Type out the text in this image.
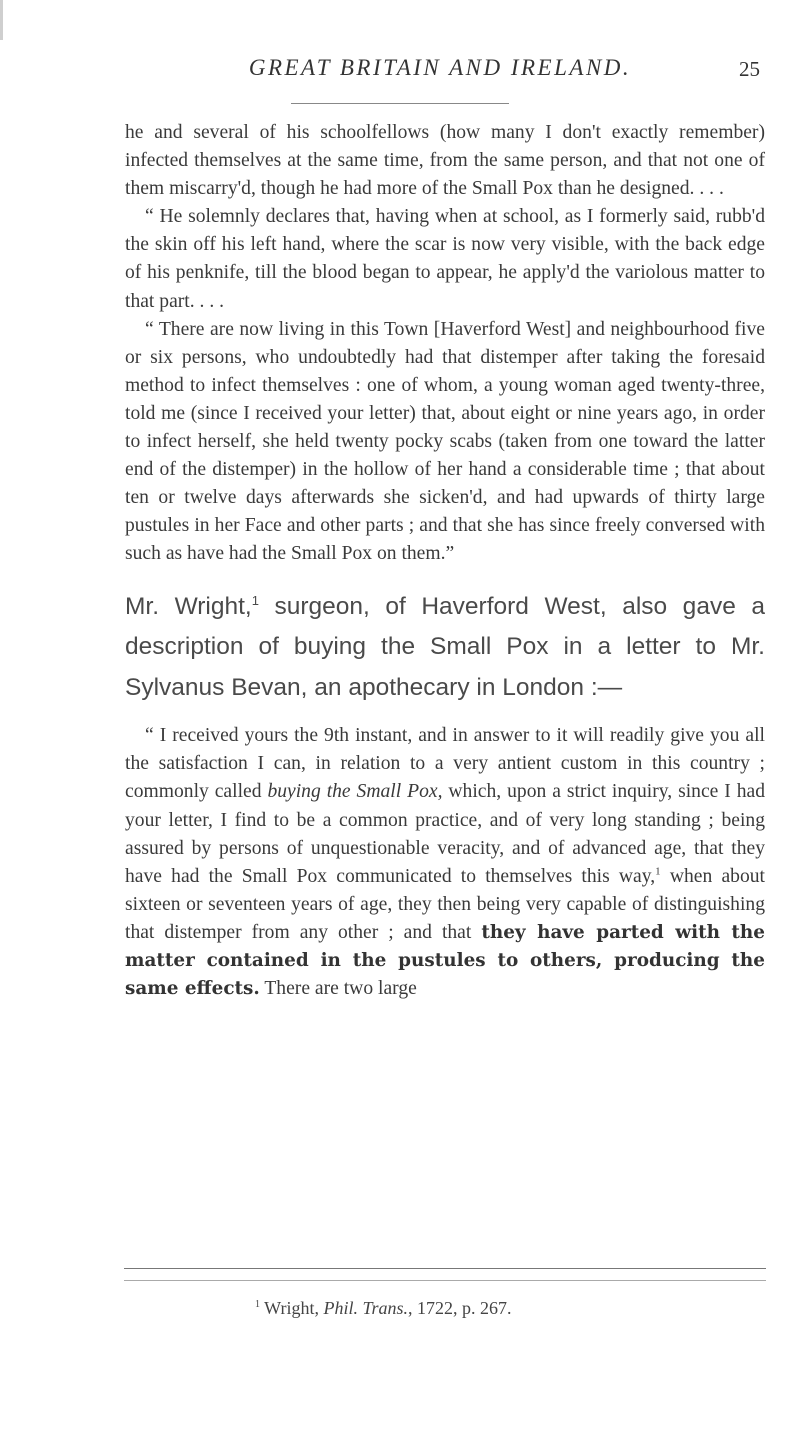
GREAT BRITAIN AND IRELAND.	25

he and several of his schoolfellows (how many I don't exactly remember) infected themselves at the same time, from the same person, and that not one of them miscarry'd, though he had more of the Small Pox than he designed. . . .

“ He solemnly declares that, having when at school, as I formerly said, rubb'd the skin off his left hand, where the scar is now very visible, with the back edge of his penknife, till the blood began to appear, he apply'd the variolous matter to that part. . . .

“ There are now living in this Town [Haverford West] and neighbourhood five or six persons, who undoubtedly had that distemper after taking the foresaid method to infect themselves : one of whom, a young woman aged twenty-three, told me (since I received your letter) that, about eight or nine years ago, in order to infect herself, she held twenty pocky scabs (taken from one toward the latter end of the distemper) in the hollow of her hand a considerable time ; that about ten or twelve days afterwards she sicken'd, and had upwards of thirty large pustules in her Face and other parts ; and that she has since freely conversed with such as have had the Small Pox on them.”

Mr. Wright,$^1$ surgeon, of Haverford West, also gave a description of buying the Small Pox in a letter to Mr. Sylvanus Bevan, an apothecary in London :—

“ I received yours the 9th instant, and in answer to it will readily give you all the satisfaction I can, in relation to a very antient custom in this country ; commonly called buying the Small Pox, which, upon a strict inquiry, since I had your letter, I find to be a common practice, and of very long standing ; being assured by persons of unquestionable veracity, and of advanced age, that they have had the Small Pox communicated to themselves this way,$^1$ when about sixteen or seventeen years of age, they then being very capable of distinguishing that distemper from any other ; and that they have parted with the matter contained in the pustules to others, producing the same effects. There are two large

$^1$ Wright, Phil. Trans., 1722, p. 267.
